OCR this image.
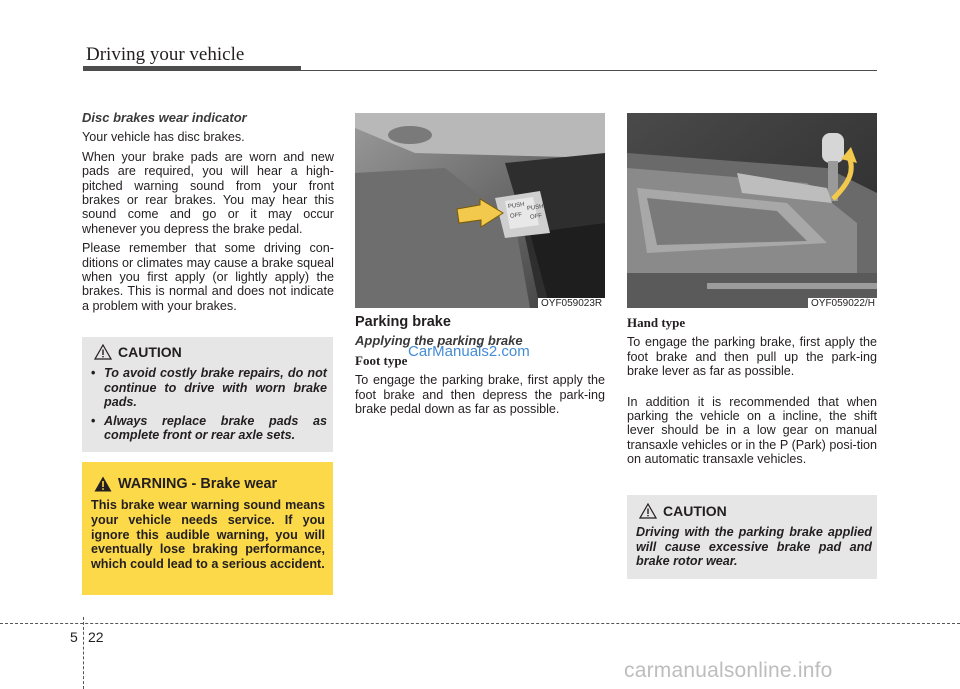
Driving your vehicle

Disc brakes wear indicator

Your vehicle has disc brakes.

When your brake pads are worn and new pads are required, you will hear a high-pitched warning sound from your front brakes or rear brakes. You may hear this sound come and go or it may occur whenever you depress the brake pedal.

Please remember that some driving con-ditions or climates may cause a brake squeal when you first apply (or lightly apply) the brakes. This is normal and does not indicate a problem with your brakes.

CAUTION
• To avoid costly brake repairs, do not continue to drive with worn brake pads.
• Always replace brake pads as complete front or rear axle sets.
WARNING - Brake wear
This brake wear warning sound means your vehicle needs service. If you ignore this audible warning, you will eventually lose braking performance, which could lead to a serious accident.
PUSH PUSH
OFF OFF
OYF059023R	OYF059022/H

Parking brake

Applying the parking brake

Foot type

To engage the parking brake, first apply the foot brake and then depress the park-ing brake pedal down as far as possible.

CarManuals2.com

Hand type

To engage the parking brake, first apply the foot brake and then pull up the park-ing brake lever as far as possible.

In addition it is recommended that when parking the vehicle on a incline, the shift lever should be in a low gear on manual transaxle vehicles or in the P (Park) posi-tion on automatic transaxle vehicles.

CAUTION
Driving with the parking brake applied will cause excessive brake pad and brake rotor wear.
5 22
carmanualsonline.info
